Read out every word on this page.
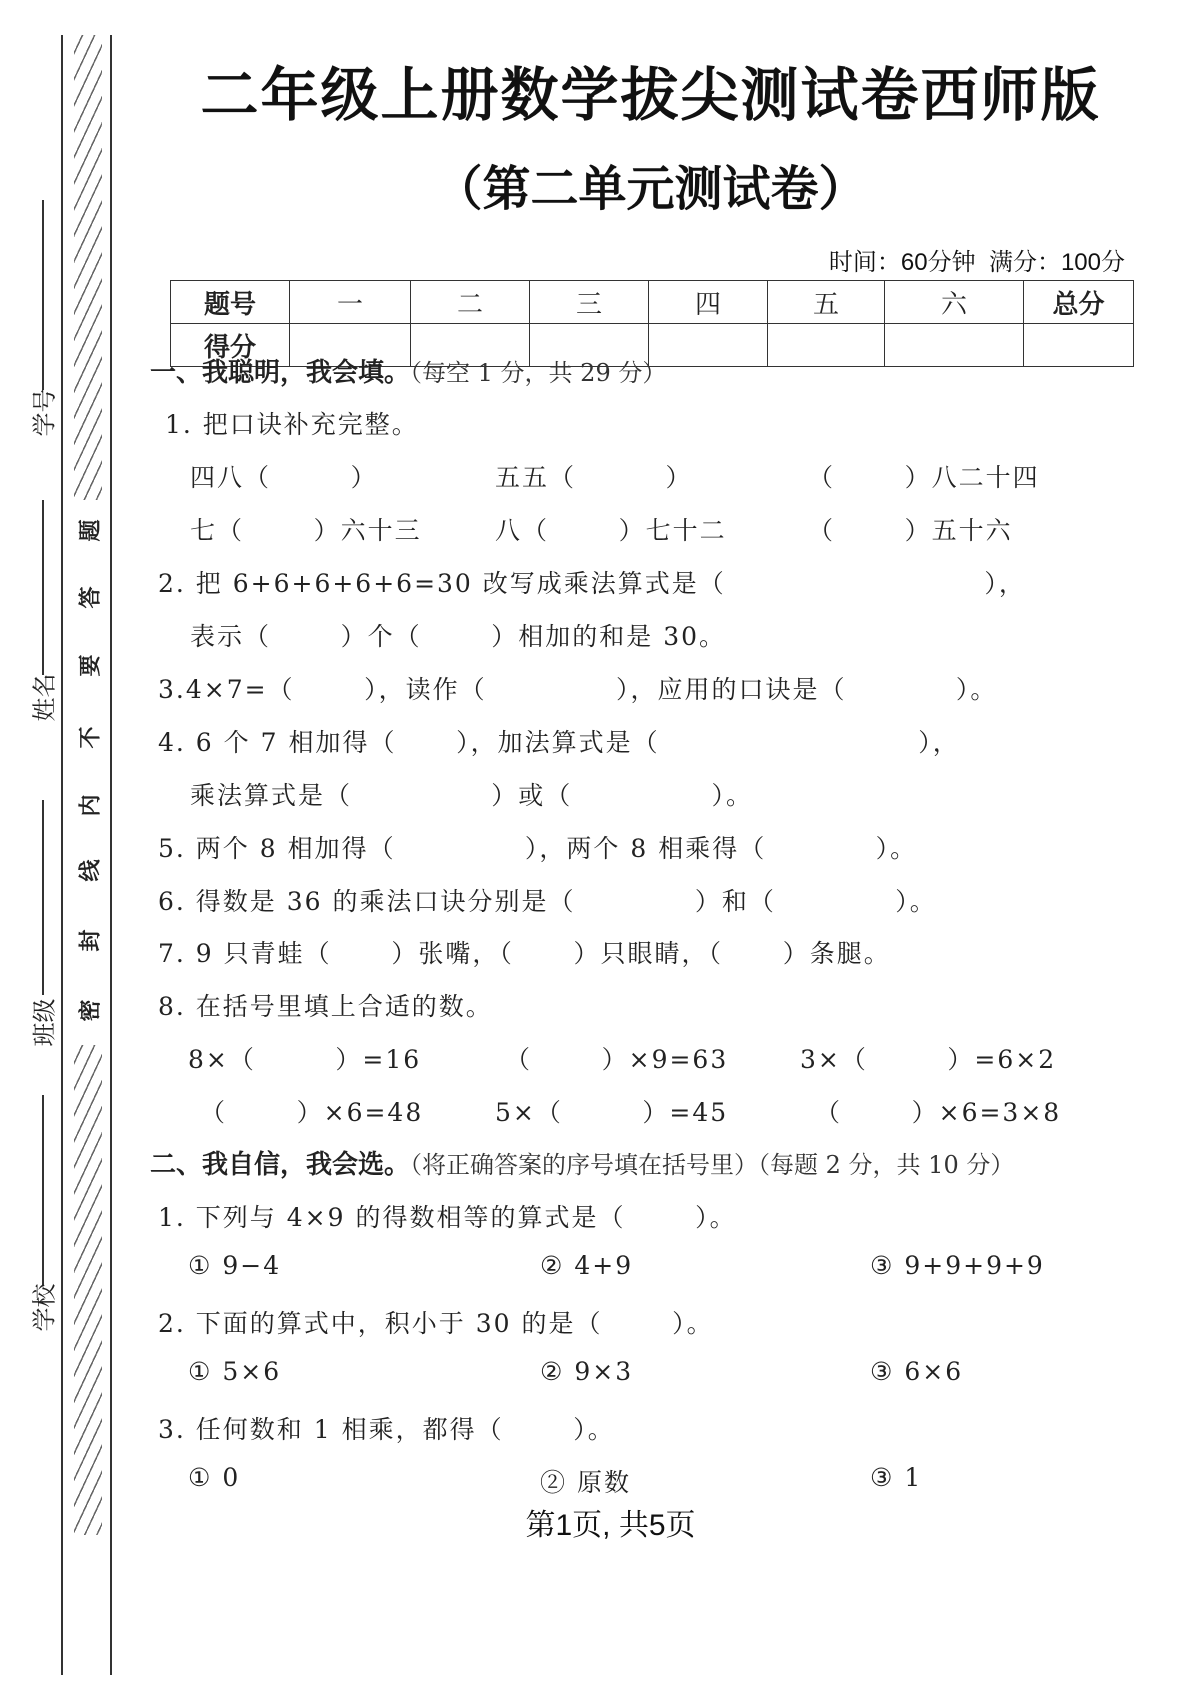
题
答
要
不
内
线
封
密
学号
姓名
班级
学校
二年级上册数学拔尖测试卷西师版
（第二单元测试卷）
时间：60分钟  满分：100分
题号	一	二	三	四	五	六	总分
得分							
一、我聪明，我会填。（每空 1 分，共 29 分）
1. 把口诀补充完整。
四八（        ）	五五（         ）	（       ）八二十四
七（       ）六十三	八（       ）七十二	（       ）五十六
2. 把 6+6+6+6+6=30 改写成乘法算式是（                          ），
表示（       ）个（       ）相加的和是 30。
3.4×7=（       ），读作（             ），应用的口诀是（           ）。
4. 6 个 7 相加得（      ），加法算式是（                          ），
乘法算式是（              ）或（              ）。
5. 两个 8 相加得（             ），两个 8 相乘得（           ）。
6. 得数是 36 的乘法口诀分别是（            ）和（            ）。
7. 9 只青蛙（      ）张嘴，（      ）只眼睛，（      ）条腿。
8. 在括号里填上合适的数。
8×（        ）=16	（       ）×9=63	3×（        ）=6×2
（       ）×6=48	5×（        ）=45	（       ）×6=3×8
二、我自信，我会选。（将正确答案的序号填在括号里）（每题 2 分，共 10 分）
1. 下列与 4×9 的得数相等的算式是（       ）。
① 9−4	② 4+9	③ 9+9+9+9
2. 下面的算式中，积小于 30 的是（       ）。
① 5×6	② 9×3	③ 6×6
3. 任何数和 1 相乘，都得（       ）。
① 0	② 原数	③ 1
第1页, 共5页
